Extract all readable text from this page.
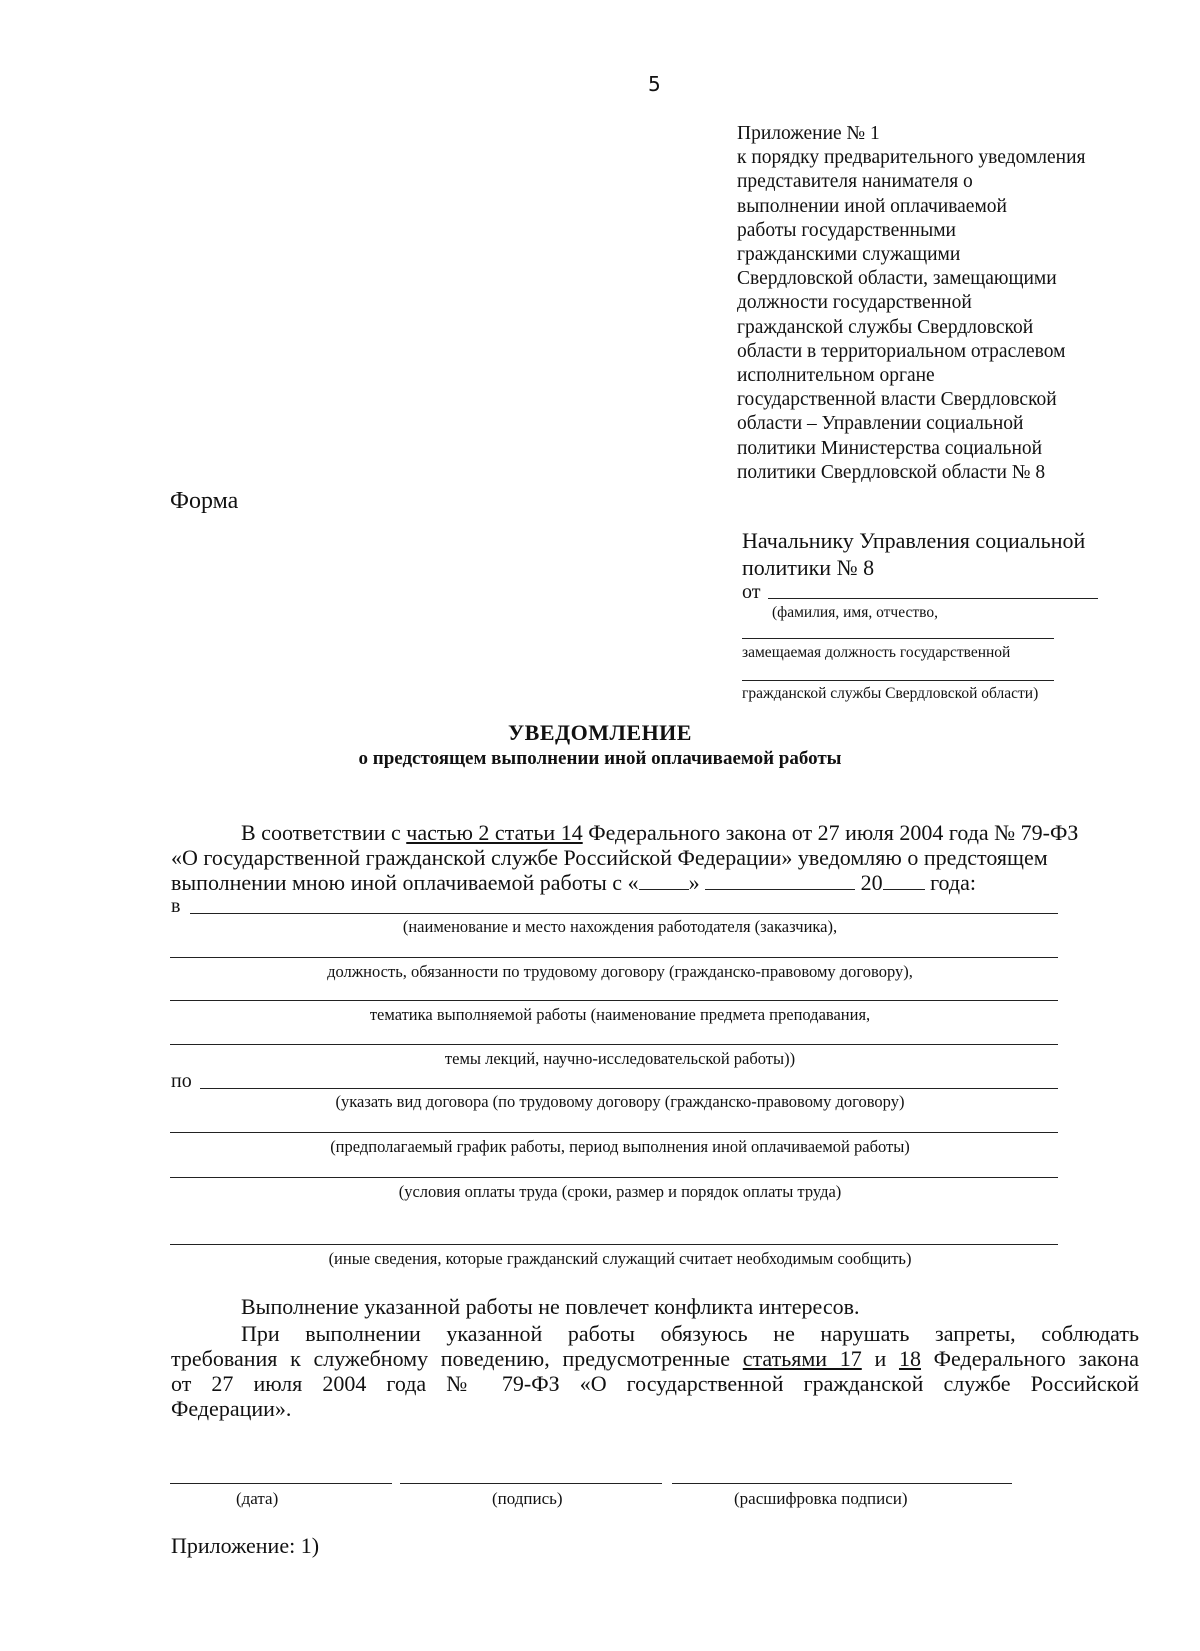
5
Приложение № 1
к порядку предварительного уведомления
представителя нанимателя о
выполнении иной оплачиваемой
работы государственными
гражданскими служащими
Свердловской области, замещающими
должности государственной
гражданской службы Свердловской
области в территориальном отраслевом
исполнительном органе
государственной власти Свердловской
области – Управлении социальной
политики Министерства социальной
политики Свердловской области № 8
Форма
Начальнику Управления социальной
политики № 8
от
(фамилия, имя, отчество,
замещаемая должность государственной
гражданской службы Свердловской области)
УВЕДОМЛЕНИЕ
о предстоящем выполнении иной оплачиваемой работы
В соответствии с частью 2 статьи 14 Федерального закона от 27 июля 2004 года № 79-ФЗ
«О государственной гражданской службе Российской Федерации» уведомляю о предстоящем
выполнении мною иной оплачиваемой работы с « »	20 года:
в
(наименование и место нахождения работодателя (заказчика),
должность, обязанности по трудовому договору (гражданско-правовому договору),
тематика выполняемой работы (наименование предмета преподавания,
темы лекций, научно-исследовательской работы))
по
(указать вид договора (по трудовому договору (гражданско-правовому договору)
(предполагаемый график работы, период выполнения иной оплачиваемой работы)
(условия оплаты труда (сроки, размер и порядок оплаты труда)
(иные сведения, которые гражданский служащий считает необходимым сообщить)
Выполнение указанной работы не повлечет конфликта интересов.
При выполнении указанной работы обязуюсь не нарушать запреты, соблюдать
требования к служебному поведению, предусмотренные статьями 17 и 18 Федерального закона
от 27 июля 2004 года № 79-ФЗ «О государственной гражданской службе Российской
Федерации».
(дата)	(подпись)	(расшифровка подписи)
Приложение: 1)
